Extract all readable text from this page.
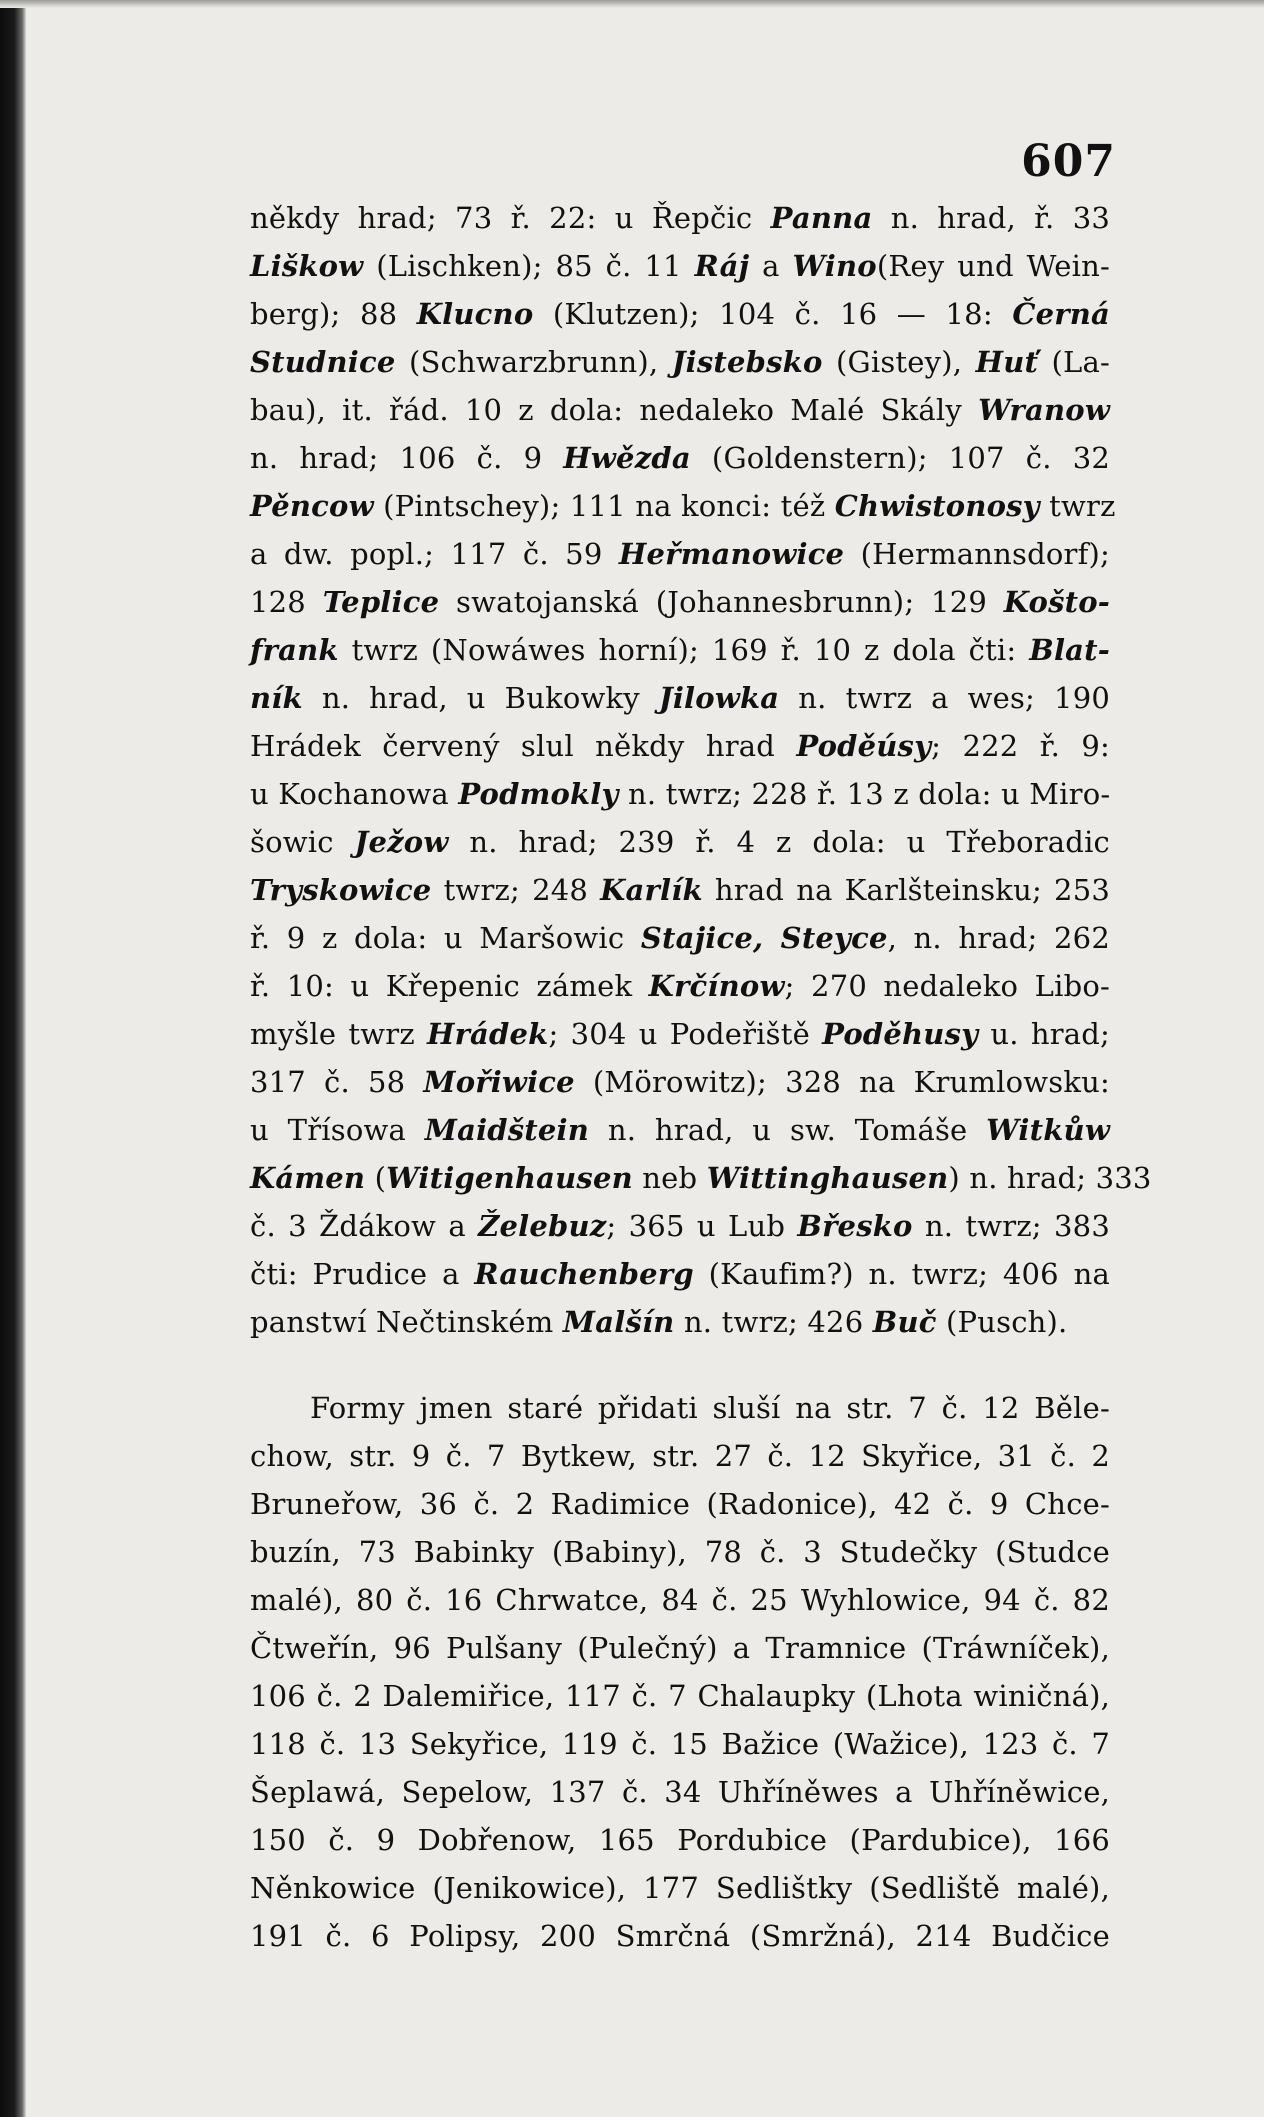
607
někdy hrad; 73 ř. 22: u Řepčic Panna n. hrad, ř. 33
Liškow (Lischken); 85 č. 11 Ráj a Wino(Rey und Wein-
berg); 88 Klucno (Klutzen); 104 č. 16 — 18: Černá
Studnice (Schwarzbrunn), Jistebsko (Gistey), Huť (La-
bau), it. řád. 10 z dola: nedaleko Malé Skály Wranow
n. hrad; 106 č. 9 Hwězda (Goldenstern); 107 č. 32
Pěncow (Pintschey); 111 na konci: též Chwistonosy twrz
a dw. popl.; 117 č. 59 Heřmanowice (Hermannsdorf);
128 Teplice swatojanská (Johannesbrunn); 129 Košto-
frank twrz (Nowáwes horní); 169 ř. 10 z dola čti: Blat-
ník n. hrad, u Bukowky Jilowka n. twrz a wes; 190
Hrádek červený slul někdy hrad Poděúsy; 222 ř. 9:
u Kochanowa Podmokly n. twrz; 228 ř. 13 z dola: u Miro-
šowic Ježow n. hrad; 239 ř. 4 z dola: u Třeboradic
Tryskowice twrz; 248 Karlík hrad na Karlšteinsku; 253
ř. 9 z dola: u Maršowic Stajice, Steyce, n. hrad; 262
ř. 10: u Křepenic zámek Krčínow; 270 nedaleko Libo-
myšle twrz Hrádek; 304 u Podeřiště Poděhusy u. hrad;
317 č. 58 Mořiwice (Mörowitz); 328 na Krumlowsku:
u Třísowa Maidštein n. hrad, u sw. Tomáše Witkůw
Kámen (Witigenhausen neb Wittinghausen) n. hrad; 333
č. 3 Ždákow a Želebuz; 365 u Lub Břesko n. twrz; 383
čti: Prudice a Rauchenberg (Kaufim?) n. twrz; 406 na
panstwí Nečtinském Malšín n. twrz; 426 Buč (Pusch).
Formy jmen staré přidati sluší na str. 7 č. 12 Běle-
chow, str. 9 č. 7 Bytkew, str. 27 č. 12 Skyřice, 31 č. 2
Bruneřow, 36 č. 2 Radimice (Radonice), 42 č. 9 Chce-
buzín, 73 Babinky (Babiny), 78 č. 3 Studečky (Studce
malé), 80 č. 16 Chrwatce, 84 č. 25 Wyhlowice, 94 č. 82
Čtweřín, 96 Pulšany (Pulečný) a Tramnice (Tráwníček),
106 č. 2 Dalemiřice, 117 č. 7 Chalaupky (Lhota winičná),
118 č. 13 Sekyřice, 119 č. 15 Bažice (Wažice), 123 č. 7
Šeplawá, Sepelow, 137 č. 34 Uhříněwes a Uhříněwice,
150 č. 9 Dobřenow, 165 Pordubice (Pardubice), 166
Něnkowice (Jenikowice), 177 Sedlištky (Sedliště malé),
191 č. 6 Polipsy, 200 Smrčná (Smržná), 214 Budčice
